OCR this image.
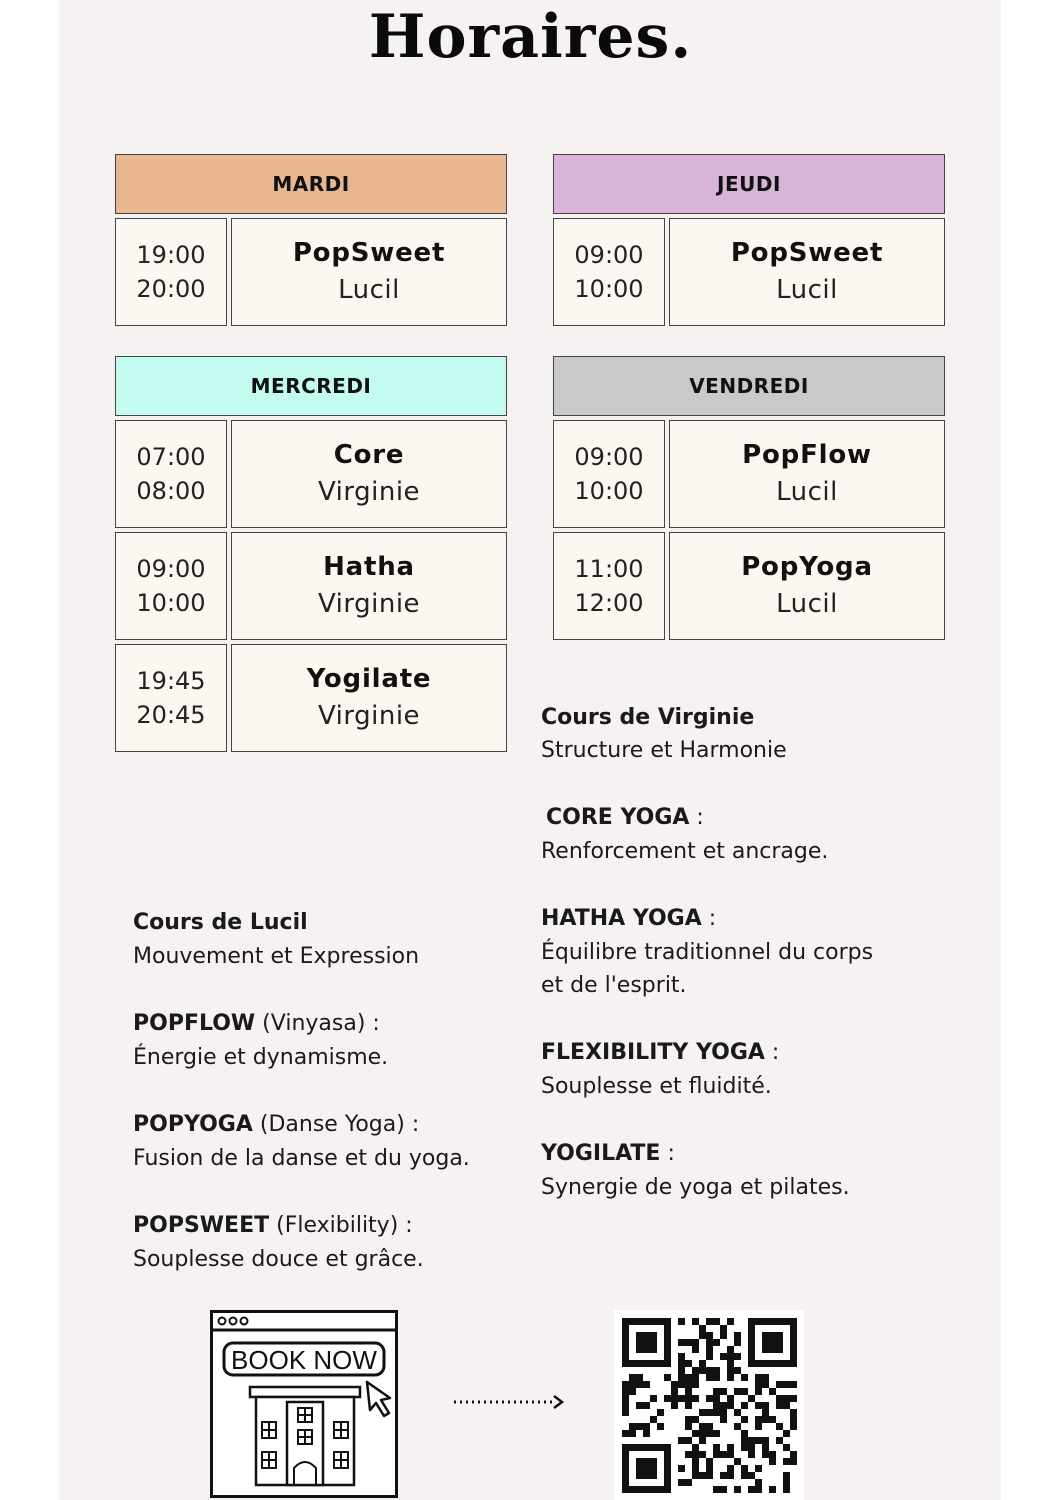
Horaires.
MARDI
19:00
20:00
PopSweet
Lucil
JEUDI
09:00
10:00
PopSweet
Lucil
MERCREDI
07:00
08:00
Core
Virginie
09:00
10:00
Hatha
Virginie
19:45
20:45
Yogilate
Virginie
VENDREDI
09:00
10:00
PopFlow
Lucil
11:00
12:00
PopYoga
Lucil
Cours de Virginie
Structure et Harmonie
CORE YOGA :
Renforcement et ancrage.
HATHA YOGA :
Équilibre traditionnel du corps
et de l'esprit.
FLEXIBILITY YOGA :
Souplesse et fluidité.
YOGILATE :
Synergie de yoga et pilates.
Cours de Lucil
Mouvement et Expression
POPFLOW (Vinyasa) :
Énergie et dynamisme.
POPYOGA (Danse Yoga) :
Fusion de la danse et du yoga.
POPSWEET (Flexibility) :
Souplesse douce et grâce.
BOOK NOW
